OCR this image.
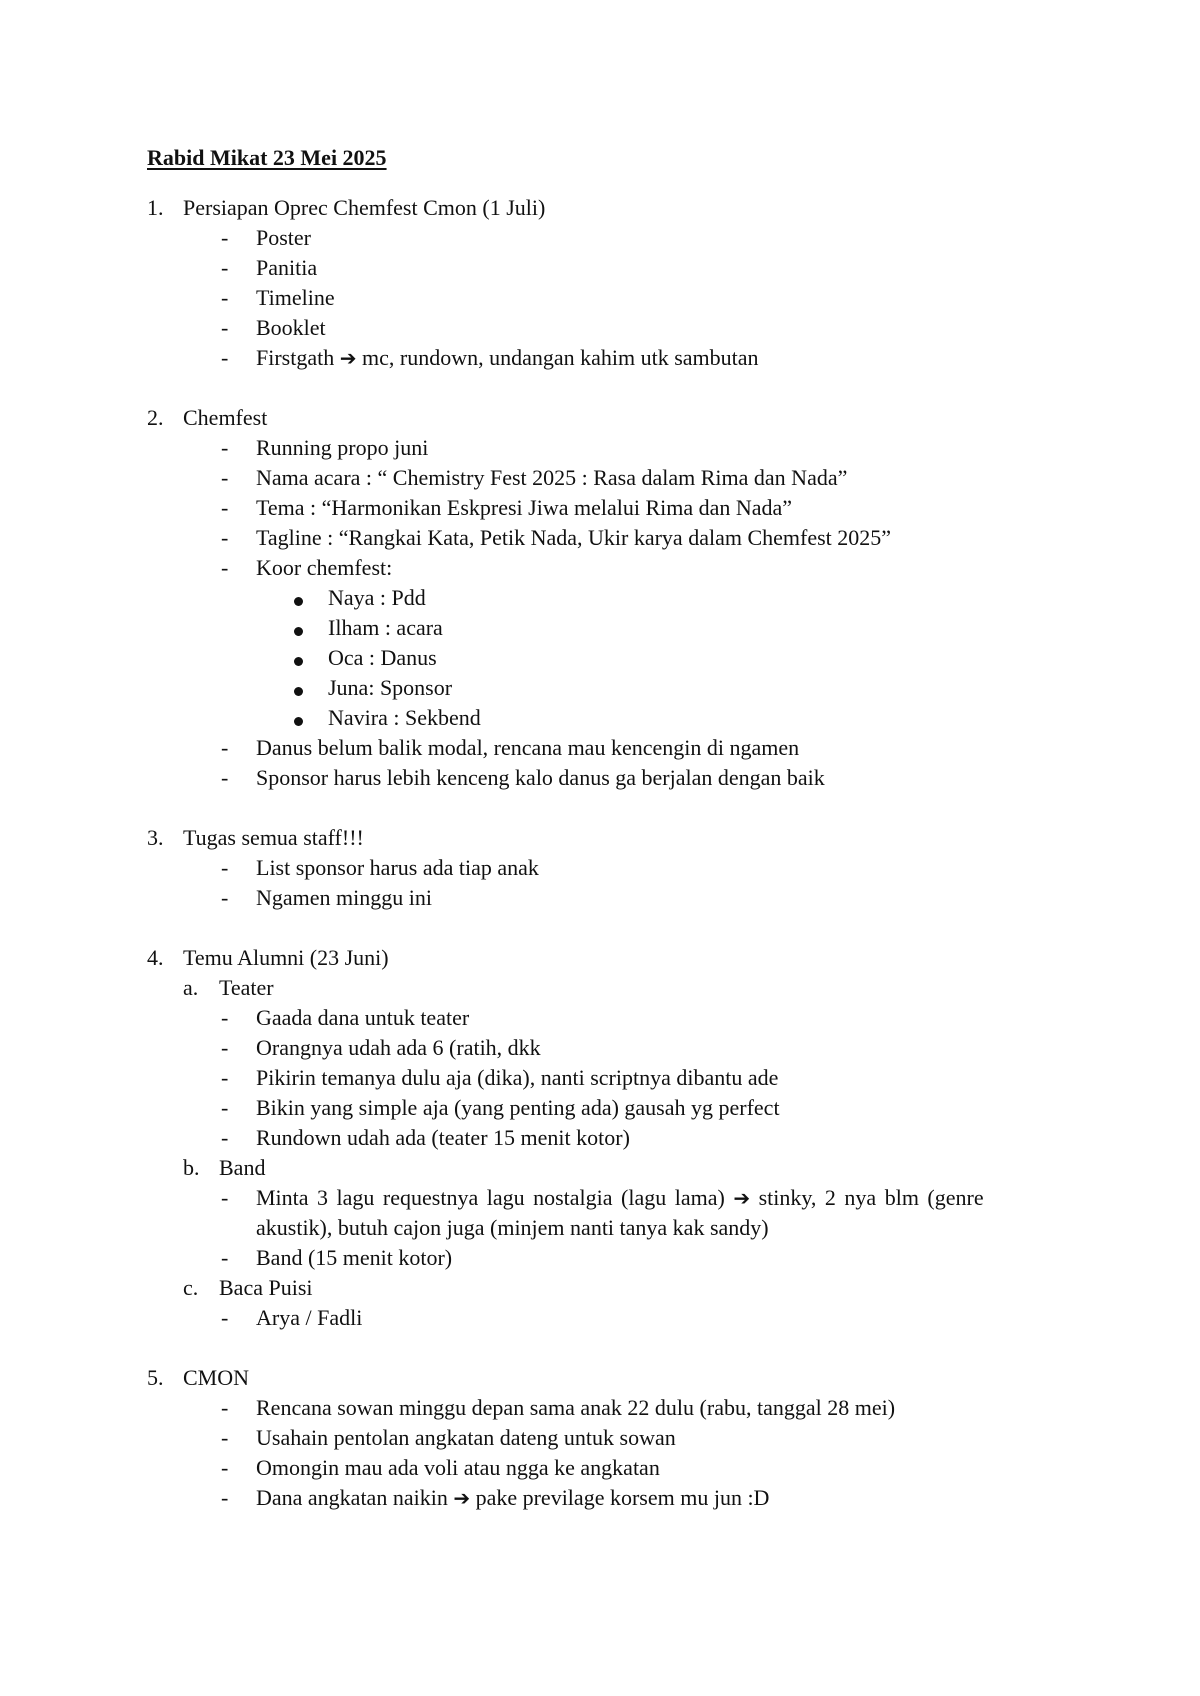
Rabid Mikat 23 Mei 2025
1. Persiapan Oprec Chemfest Cmon (1 Juli)
- Poster
- Panitia
- Timeline
- Booklet
- Firstgath ➔ mc, rundown, undangan kahim utk sambutan
2. Chemfest
- Running propo juni
- Nama acara : “ Chemistry Fest 2025 : Rasa dalam Rima dan Nada”
- Tema : “Harmonikan Eskpresi Jiwa melalui Rima dan Nada”
- Tagline : “Rangkai Kata, Petik Nada, Ukir karya dalam Chemfest 2025”
- Koor chemfest:
Naya : Pdd
Ilham : acara
Oca : Danus
Juna: Sponsor
Navira : Sekbend
- Danus belum balik modal, rencana mau kencengin di ngamen
- Sponsor harus lebih kenceng kalo danus ga berjalan dengan baik
3. Tugas semua staff!!!
- List sponsor harus ada tiap anak
- Ngamen minggu ini
4. Temu Alumni (23 Juni)
a. Teater
- Gaada dana untuk teater
- Orangnya udah ada 6 (ratih, dkk
- Pikirin temanya dulu aja (dika), nanti scriptnya dibantu ade
- Bikin yang simple aja (yang penting ada) gausah yg perfect
- Rundown udah ada (teater 15 menit kotor)
b. Band
- Minta 3 lagu requestnya lagu nostalgia (lagu lama) ➔ stinky, 2 nya blm (genre
akustik), butuh cajon juga (minjem nanti tanya kak sandy)
- Band (15 menit kotor)
c. Baca Puisi
- Arya / Fadli
5. CMON
- Rencana sowan minggu depan sama anak 22 dulu (rabu, tanggal 28 mei)
- Usahain pentolan angkatan dateng untuk sowan
- Omongin mau ada voli atau ngga ke angkatan
- Dana angkatan naikin ➔ pake previlage korsem mu jun :D
